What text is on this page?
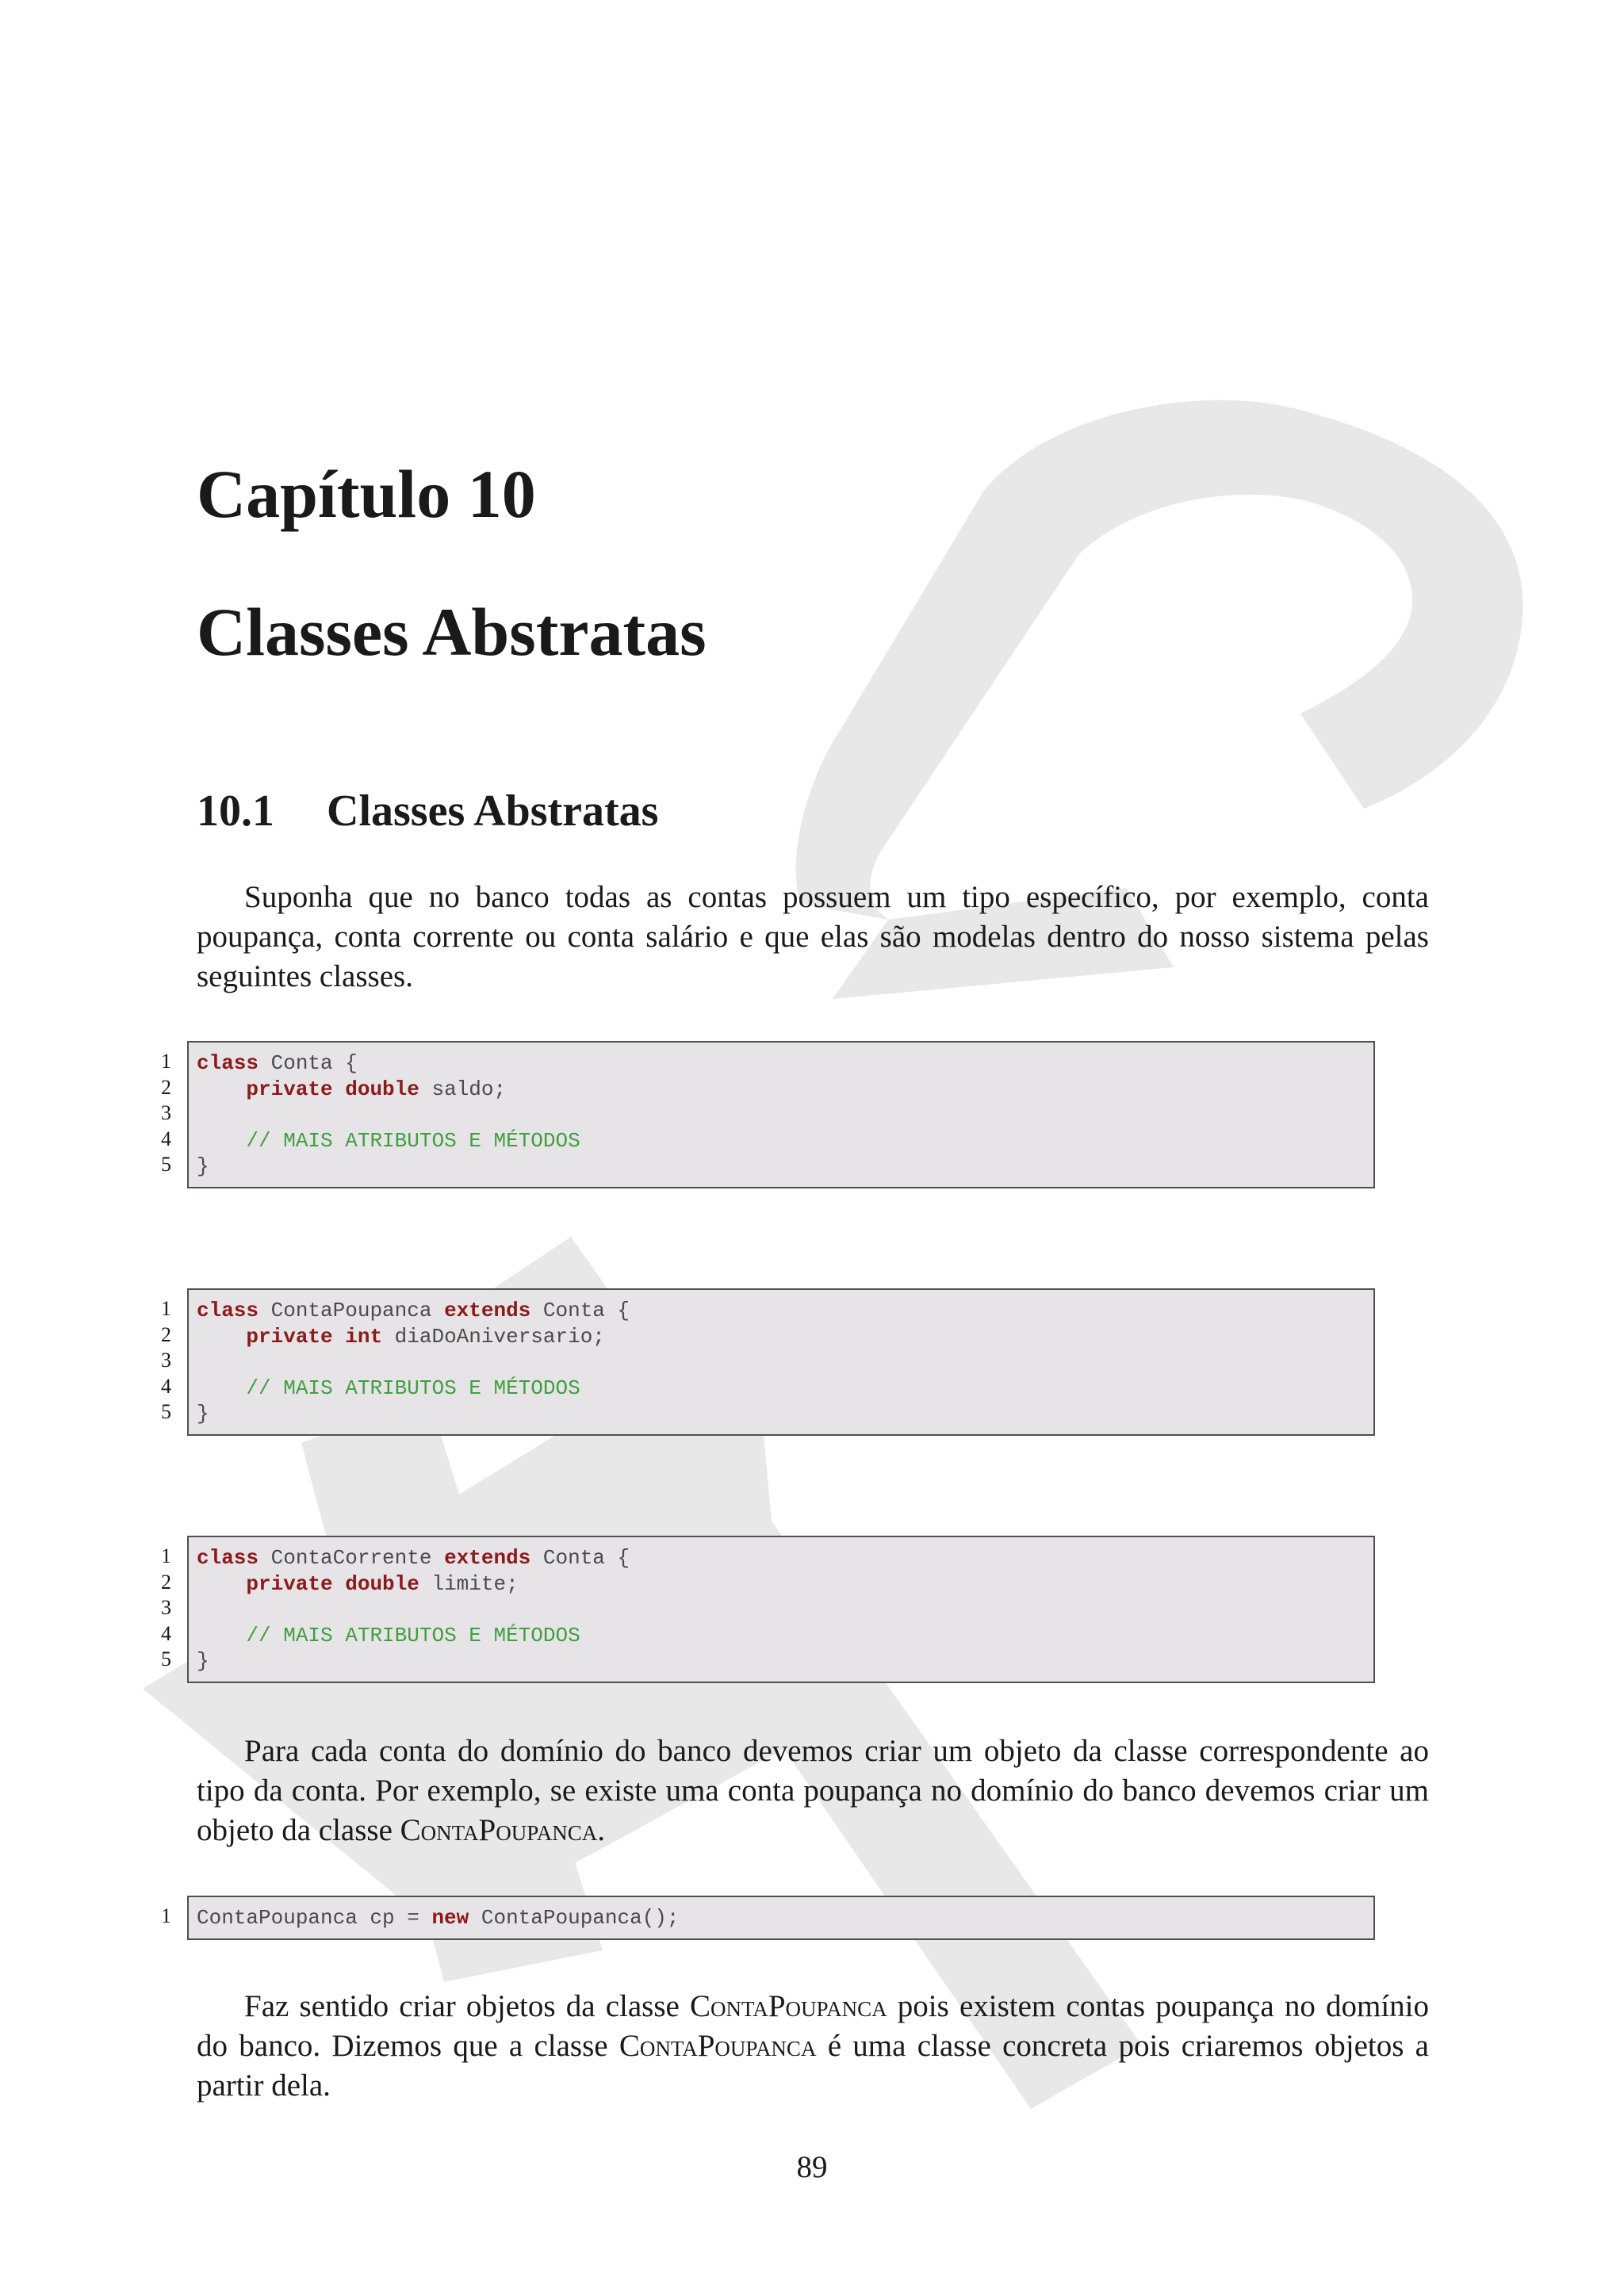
Capítulo 10
Classes Abstratas
10.1 Classes Abstratas

Suponha que no banco todas as contas possuem um tipo específico, por exemplo, conta poupança, conta corrente ou conta salário e que elas são modelas dentro do nosso sistema pelas seguintes classes.

1
2
3
4
5
class Conta {
private double saldo;

// MAIS ATRIBUTOS E MÉTODOS
}
1
2
3
4
5
class ContaPoupanca extends Conta {
private int diaDoAniversario;

// MAIS ATRIBUTOS E MÉTODOS
}
1
2
3
4
5
class ContaCorrente extends Conta {
private double limite;

// MAIS ATRIBUTOS E MÉTODOS
}

Para cada conta do domínio do banco devemos criar um objeto da classe correspondente ao tipo da conta. Por exemplo, se existe uma conta poupança no domínio do banco devemos criar um objeto da classe ContaPoupanca.

1 ContaPoupanca cp = new ContaPoupanca();

Faz sentido criar objetos da classe ContaPoupanca pois existem contas poupança no domínio do banco. Dizemos que a classe ContaPoupanca é uma classe concreta pois criaremos objetos a partir dela.

89
